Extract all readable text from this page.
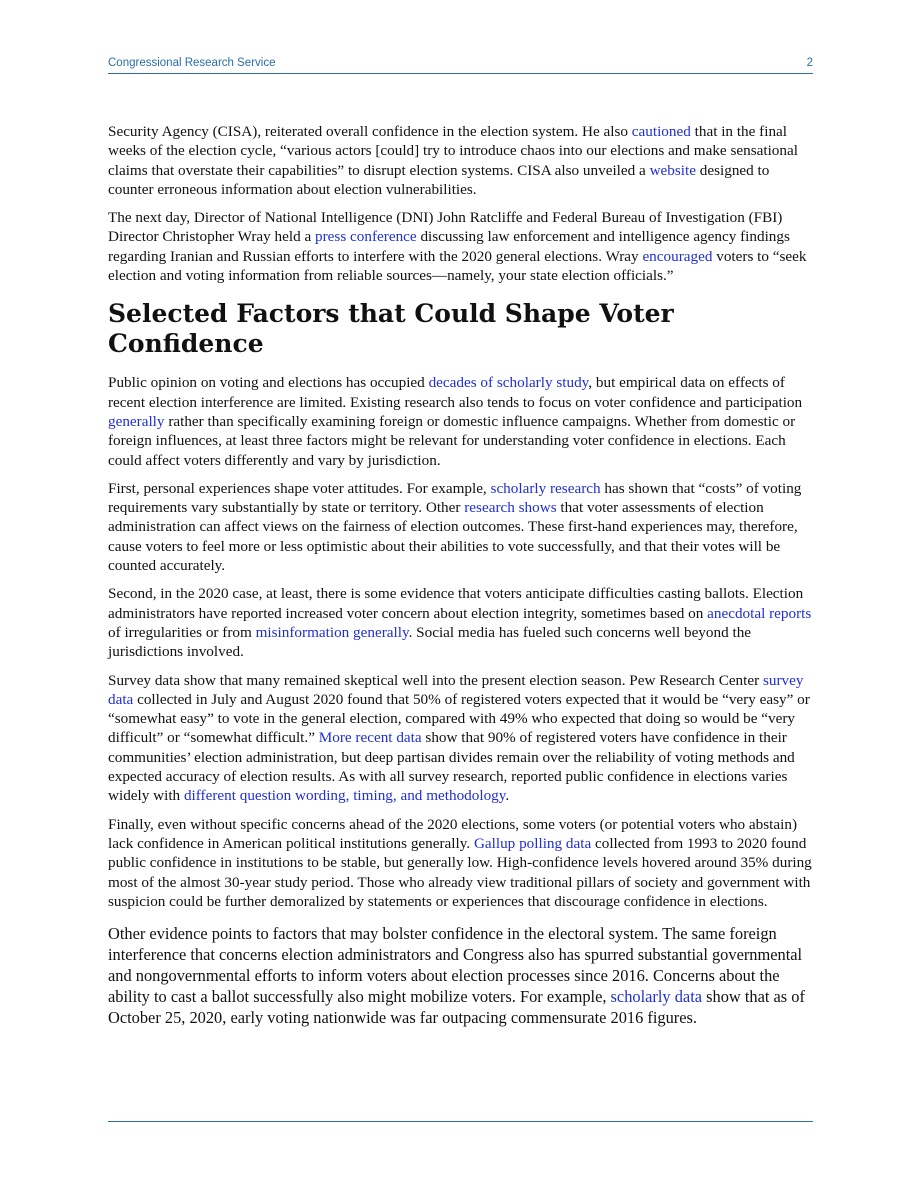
Congressional Research Service	2

Security Agency (CISA), reiterated overall confidence in the election system. He also cautioned that in the final weeks of the election cycle, “various actors [could] try to introduce chaos into our elections and make sensational claims that overstate their capabilities” to disrupt election systems. CISA also unveiled a website designed to counter erroneous information about election vulnerabilities.

The next day, Director of National Intelligence (DNI) John Ratcliffe and Federal Bureau of Investigation (FBI) Director Christopher Wray held a press conference discussing law enforcement and intelligence agency findings regarding Iranian and Russian efforts to interfere with the 2020 general elections. Wray encouraged voters to “seek election and voting information from reliable sources—namely, your state election officials.”

Selected Factors that Could Shape Voter Confidence

Public opinion on voting and elections has occupied decades of scholarly study, but empirical data on effects of recent election interference are limited. Existing research also tends to focus on voter confidence and participation generally rather than specifically examining foreign or domestic influence campaigns. Whether from domestic or foreign influences, at least three factors might be relevant for understanding voter confidence in elections. Each could affect voters differently and vary by jurisdiction.

First, personal experiences shape voter attitudes. For example, scholarly research has shown that “costs” of voting requirements vary substantially by state or territory. Other research shows that voter assessments of election administration can affect views on the fairness of election outcomes. These first-hand experiences may, therefore, cause voters to feel more or less optimistic about their abilities to vote successfully, and that their votes will be counted accurately.

Second, in the 2020 case, at least, there is some evidence that voters anticipate difficulties casting ballots. Election administrators have reported increased voter concern about election integrity, sometimes based on anecdotal reports of irregularities or from misinformation generally. Social media has fueled such concerns well beyond the jurisdictions involved.

Survey data show that many remained skeptical well into the present election season. Pew Research Center survey data collected in July and August 2020 found that 50% of registered voters expected that it would be “very easy” or “somewhat easy” to vote in the general election, compared with 49% who expected that doing so would be “very difficult” or “somewhat difficult.” More recent data show that 90% of registered voters have confidence in their communities’ election administration, but deep partisan divides remain over the reliability of voting methods and expected accuracy of election results. As with all survey research, reported public confidence in elections varies widely with different question wording, timing, and methodology.

Finally, even without specific concerns ahead of the 2020 elections, some voters (or potential voters who abstain) lack confidence in American political institutions generally. Gallup polling data collected from 1993 to 2020 found public confidence in institutions to be stable, but generally low. High-confidence levels hovered around 35% during most of the almost 30-year study period. Those who already view traditional pillars of society and government with suspicion could be further demoralized by statements or experiences that discourage confidence in elections.

Other evidence points to factors that may bolster confidence in the electoral system. The same foreign interference that concerns election administrators and Congress also has spurred substantial governmental and nongovernmental efforts to inform voters about election processes since 2016. Concerns about the ability to cast a ballot successfully also might mobilize voters. For example, scholarly data show that as of October 25, 2020, early voting nationwide was far outpacing commensurate 2016 figures.
